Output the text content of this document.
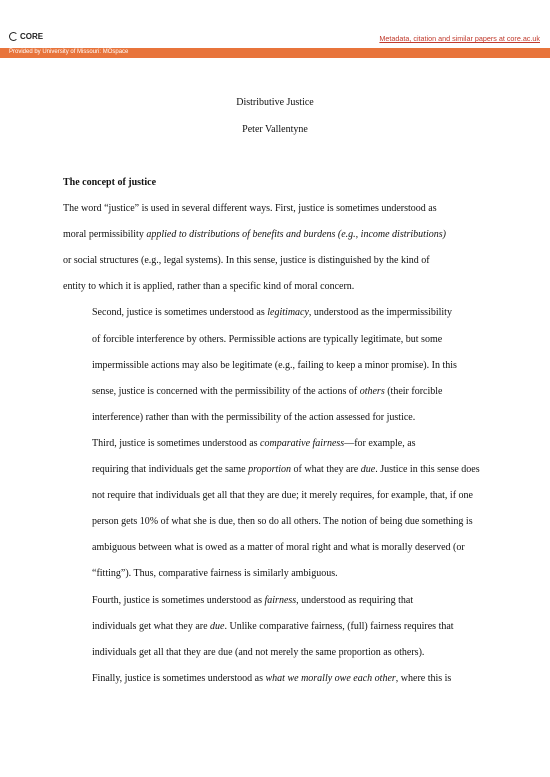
CORE	Metadata, citation and similar papers at core.ac.uk
Provided by University of Missouri: MOspace
Distributive Justice
Peter Vallentyne

The concept of justice

The word “justice” is used in several different ways. First, justice is sometimes understood as
moral permissibility applied to distributions of benefits and burdens (e.g., income distributions)
or social structures (e.g., legal systems). In this sense, justice is distinguished by the kind of
entity to which it is applied, rather than a specific kind of moral concern.

Second, justice is sometimes understood as legitimacy, understood as the impermissibility
of forcible interference by others. Permissible actions are typically legitimate, but some
impermissible actions may also be legitimate (e.g., failing to keep a minor promise). In this
sense, justice is concerned with the permissibility of the actions of others (their forcible
interference) rather than with the permissibility of the action assessed for justice.

Third, justice is sometimes understood as comparative fairness—for example, as
requiring that individuals get the same proportion of what they are due. Justice in this sense does
not require that individuals get all that they are due; it merely requires, for example, that, if one
person gets 10% of what she is due, then so do all others. The notion of being due something is
ambiguous between what is owed as a matter of moral right and what is morally deserved (or
“fitting”). Thus, comparative fairness is similarly ambiguous.

Fourth, justice is sometimes understood as fairness, understood as requiring that
individuals get what they are due. Unlike comparative fairness, (full) fairness requires that
individuals get all that they are due (and not merely the same proportion as others).

Finally, justice is sometimes understood as what we morally owe each other, where this is
